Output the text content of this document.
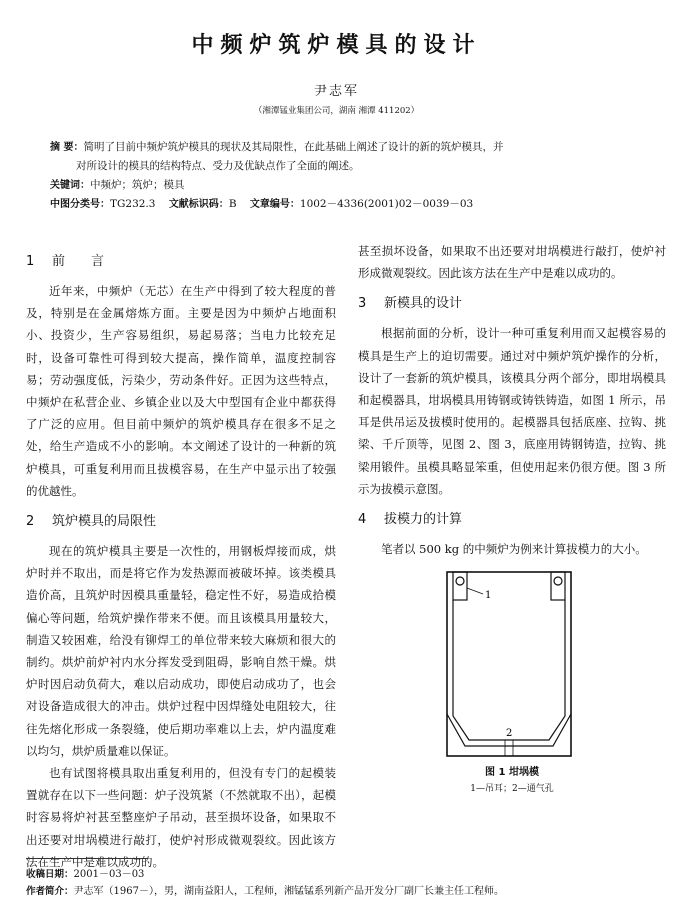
中频炉筑炉模具的设计
尹志军
（湘潭锰业集团公司，湖南 湘潭 411202）
摘 要：简明了目前中频炉筑炉模具的现状及其局限性，在此基础上阐述了设计的新的筑炉模具，并
对所设计的模具的结构特点、受力及优缺点作了全面的阐述。
关键词：中频炉；筑炉；模具
中图分类号：TG232.3 文献标识码：B 文章编号：1002－4336(2001)02－0039－03
1 前言

近年来，中频炉（无芯）在生产中得到了较大程度的普及，特别是在金属熔炼方面。主要是因为中频炉占地面积小、投资少，生产容易组织，易起易落；当电力比较充足时，设备可靠性可得到较大提高，操作简单，温度控制容易；劳动强度低，污染少，劳动条件好。正因为这些特点，中频炉在私营企业、乡镇企业以及大中型国有企业中都获得了广泛的应用。但目前中频炉的筑炉模具存在很多不足之处，给生产造成不小的影响。本文阐述了设计的一种新的筑炉模具，可重复利用而且拔模容易，在生产中显示出了较强的优越性。

2 筑炉模具的局限性

现在的筑炉模具主要是一次性的，用钢板焊接而成，烘炉时并不取出，而是将它作为发热源而被破坏掉。该类模具造价高，且筑炉时因模具重量轻，稳定性不好，易造成拾模偏心等问题，给筑炉操作带来不便。而且该模具用量较大，制造又较困难，给没有铆焊工的单位带来较大麻烦和很大的制约。烘炉前炉衬内水分挥发受到阻碍，影响自然干燥。烘炉时因启动负荷大，难以启动成功，即使启动成功了，也会对设备造成很大的冲击。烘炉过程中因焊缝处电阻较大，往往先熔化形成一条裂缝，使后期功率难以上去，炉内温度难以均匀，烘炉质量难以保证。

也有试图将模具取出重复利用的，但没有专门的起模装置就存在以下一些问题：炉子没筑紧（不然就取不出），起模时容易将炉衬甚至整座炉子吊动，甚至损坏设备，如果取不出还要对坩埚模进行敲打，使炉衬形成微观裂纹。因此该方法在生产中是难以成功的。

甚至损坏设备，如果取不出还要对坩埚模进行敲打，使炉衬形成微观裂纹。因此该方法在生产中是难以成功的。

3 新模具的设计

根据前面的分析，设计一种可重复利用而又起模容易的模具是生产上的迫切需要。通过对中频炉筑炉操作的分析，设计了一套新的筑炉模具，该模具分两个部分，即坩埚模具和起模器具，坩埚模具用铸钢或铸铁铸造，如图 1 所示，吊耳是供吊运及拔模时使用的。起模器具包括底座、拉钩、挑梁、千斤顶等，见图 2、图 3，底座用铸钢铸造，拉钩、挑梁用锻件。虽模具略显笨重，但使用起来仍很方便。图 3 所示为拔模示意图。

4 拔模力的计算

笔者以 500 kg 的中频炉为例来计算拔模力的大小。

1
2
图 1 坩埚模
1—吊耳；2—通气孔
收稿日期：2001－03－03
作者简介：尹志军（1967－），男，湖南益阳人，工程师，湘锰锰系列新产品开发分厂副厂长兼主任工程师。
